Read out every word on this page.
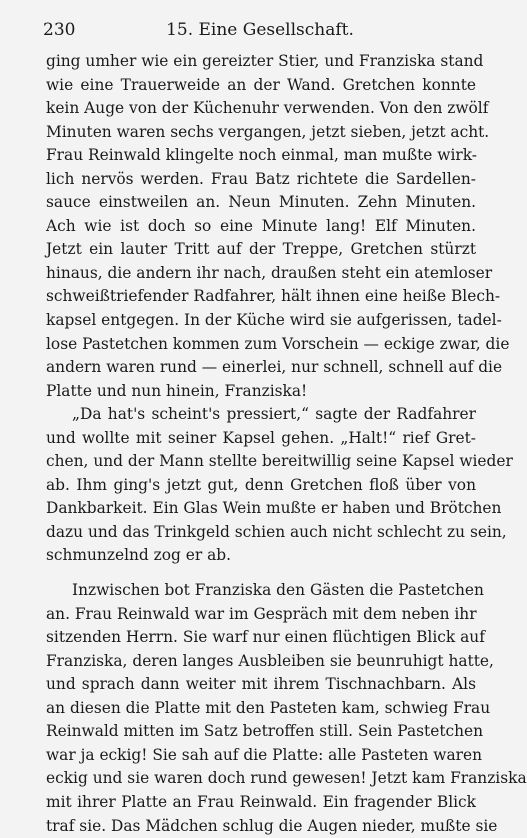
230	15. Eine Gesellschaft.
ging umher wie ein gereizter Stier, und Franziska stand
wie eine Trauerweide an der Wand. Gretchen konnte
kein Auge von der Küchenuhr verwenden. Von den zwölf
Minuten waren sechs vergangen, jetzt sieben, jetzt acht.
Frau Reinwald klingelte noch einmal, man mußte wirk-
lich nervös werden. Frau Batz richtete die Sardellen-
sauce einstweilen an. Neun Minuten. Zehn Minuten.
Ach wie ist doch so eine Minute lang! Elf Minuten.
Jetzt ein lauter Tritt auf der Treppe, Gretchen stürzt
hinaus, die andern ihr nach, draußen steht ein atemloser
schweißtriefender Radfahrer, hält ihnen eine heiße Blech-
kapsel entgegen. In der Küche wird sie aufgerissen, tadel-
lose Pastetchen kommen zum Vorschein — eckige zwar, die
andern waren rund — einerlei, nur schnell, schnell auf die
Platte und nun hinein, Franziska!
„Da hat's scheint's pressiert,“ sagte der Radfahrer
und wollte mit seiner Kapsel gehen. „Halt!“ rief Gret-
chen, und der Mann stellte bereitwillig seine Kapsel wieder
ab. Ihm ging's jetzt gut, denn Gretchen floß über von
Dankbarkeit. Ein Glas Wein mußte er haben und Brötchen
dazu und das Trinkgeld schien auch nicht schlecht zu sein,
schmunzelnd zog er ab.
Inzwischen bot Franziska den Gästen die Pastetchen
an. Frau Reinwald war im Gespräch mit dem neben ihr
sitzenden Herrn. Sie warf nur einen flüchtigen Blick auf
Franziska, deren langes Ausbleiben sie beunruhigt hatte,
und sprach dann weiter mit ihrem Tischnachbarn. Als
an diesen die Platte mit den Pasteten kam, schwieg Frau
Reinwald mitten im Satz betroffen still. Sein Pastetchen
war ja eckig! Sie sah auf die Platte: alle Pasteten waren
eckig und sie waren doch rund gewesen! Jetzt kam Franziska
mit ihrer Platte an Frau Reinwald. Ein fragender Blick
traf sie. Das Mädchen schlug die Augen nieder, mußte sie
